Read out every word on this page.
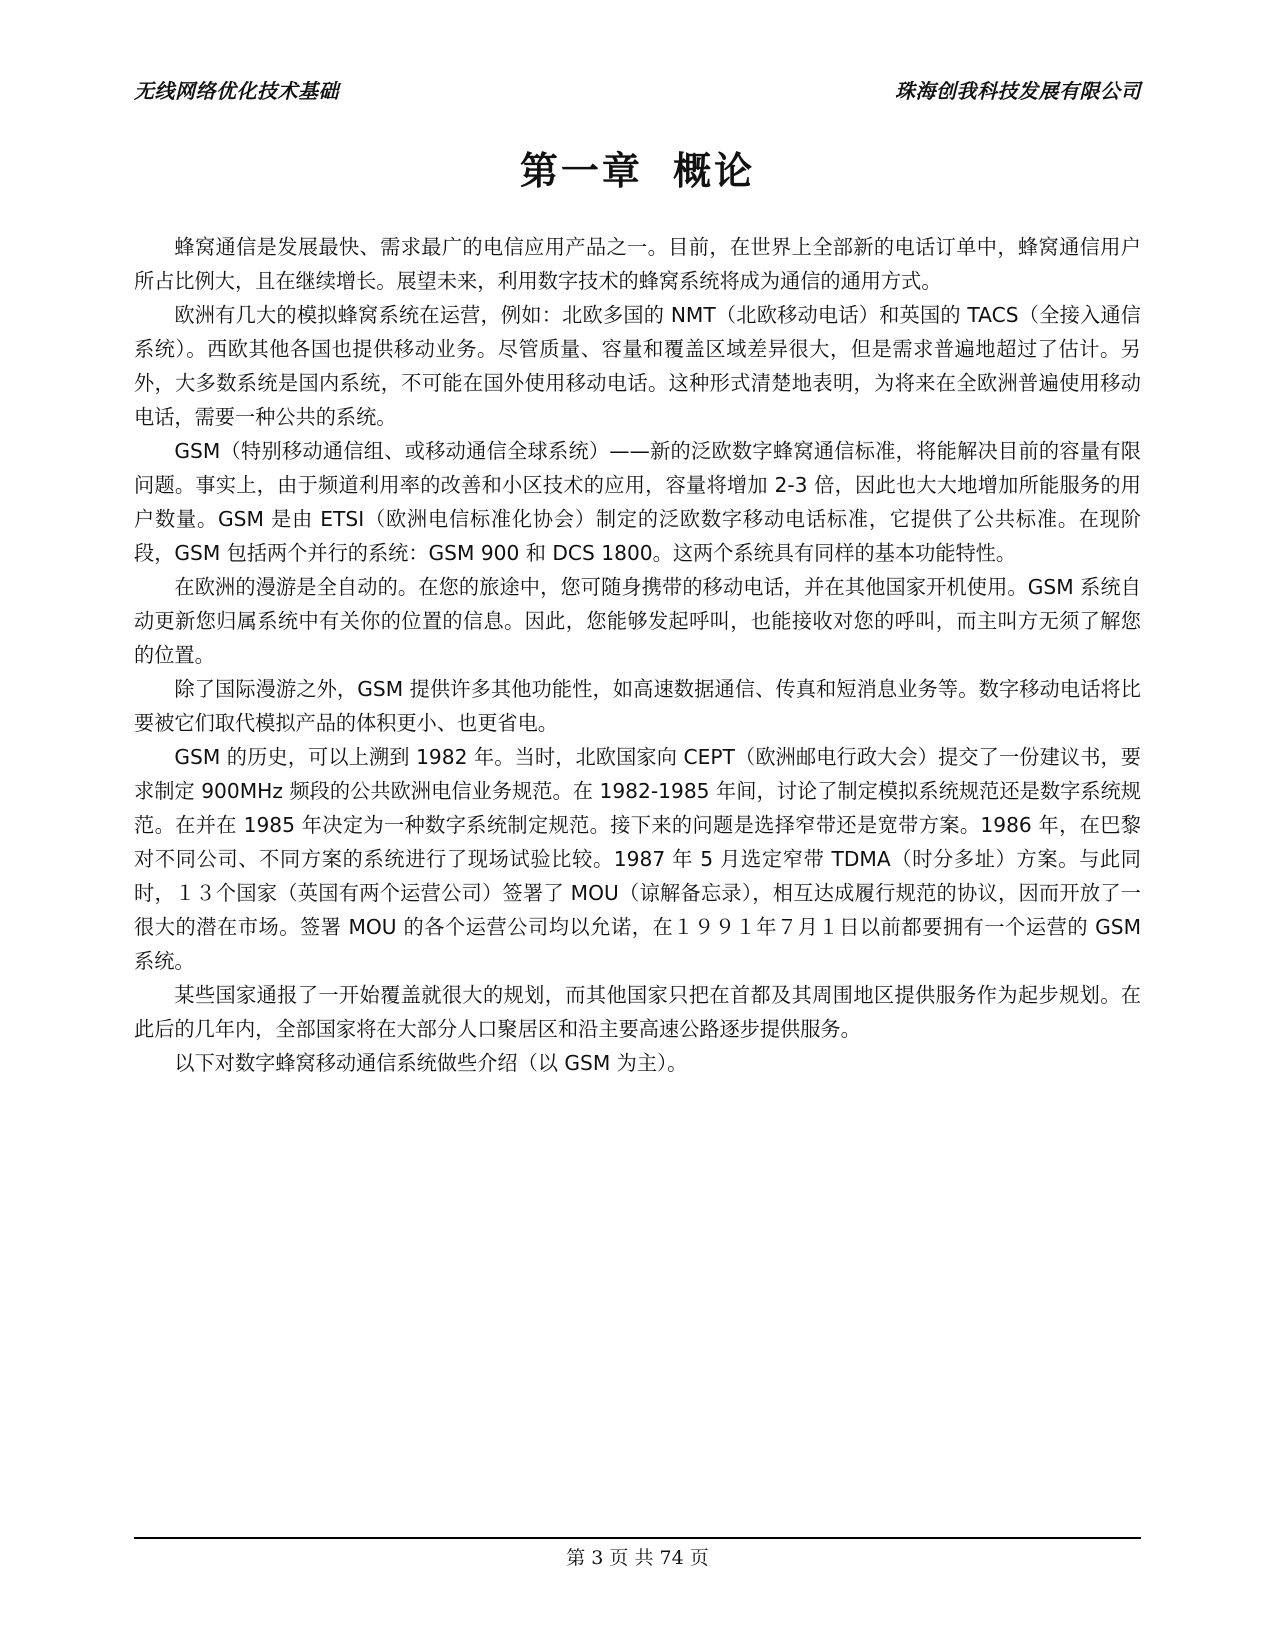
无线网络优化技术基础	珠海创我科技发展有限公司
第一章 概论

蜂窝通信是发展最快、需求最广的电信应用产品之一。目前，在世界上全部新的电话订单中，蜂窝通信用户所占比例大，且在继续增长。展望未来，利用数字技术的蜂窝系统将成为通信的通用方式。

欧洲有几大的模拟蜂窝系统在运营，例如：北欧多国的 NMT（北欧移动电话）和英国的 TACS（全接入通信系统）。西欧其他各国也提供移动业务。尽管质量、容量和覆盖区域差异很大，但是需求普遍地超过了估计。另外，大多数系统是国内系统，不可能在国外使用移动电话。这种形式清楚地表明，为将来在全欧洲普遍使用移动电话，需要一种公共的系统。

GSM（特别移动通信组、或移动通信全球系统）——新的泛欧数字蜂窝通信标准，将能解决目前的容量有限问题。事实上，由于频道利用率的改善和小区技术的应用，容量将增加 2-3 倍，因此也大大地增加所能服务的用户数量。GSM 是由 ETSI（欧洲电信标准化协会）制定的泛欧数字移动电话标准，它提供了公共标准。在现阶段，GSM 包括两个并行的系统：GSM 900 和 DCS 1800。这两个系统具有同样的基本功能特性。

在欧洲的漫游是全自动的。在您的旅途中，您可随身携带的移动电话，并在其他国家开机使用。GSM 系统自动更新您归属系统中有关你的位置的信息。因此，您能够发起呼叫，也能接收对您的呼叫，而主叫方无须了解您的位置。

除了国际漫游之外，GSM 提供许多其他功能性，如高速数据通信、传真和短消息业务等。数字移动电话将比要被它们取代模拟产品的体积更小、也更省电。

GSM 的历史，可以上溯到 1982 年。当时，北欧国家向 CEPT（欧洲邮电行政大会）提交了一份建议书，要求制定 900MHz 频段的公共欧洲电信业务规范。在 1982-1985 年间，讨论了制定模拟系统规范还是数字系统规范。在并在 1985 年决定为一种数字系统制定规范。接下来的问题是选择窄带还是宽带方案。1986 年，在巴黎对不同公司、不同方案的系统进行了现场试验比较。1987 年 5 月选定窄带 TDMA（时分多址）方案。与此同时，１３个国家（英国有两个运营公司）签署了 MOU（谅解备忘录），相互达成履行规范的协议，因而开放了一很大的潜在市场。签署 MOU 的各个运营公司均以允诺，在１９９１年７月１日以前都要拥有一个运营的 GSM 系统。

某些国家通报了一开始覆盖就很大的规划，而其他国家只把在首都及其周围地区提供服务作为起步规划。在此后的几年内，全部国家将在大部分人口聚居区和沿主要高速公路逐步提供服务。

以下对数字蜂窝移动通信系统做些介绍（以 GSM 为主）。

第 3 页 共 74 页
